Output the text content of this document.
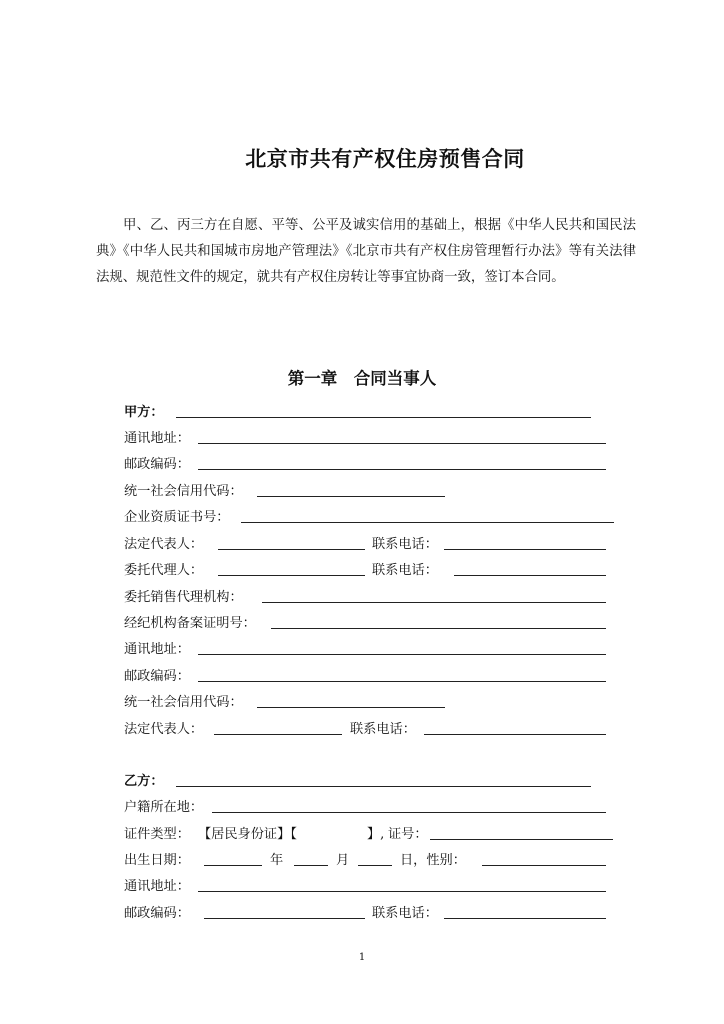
北京市共有产权住房预售合同

甲、乙、丙三方在自愿、平等、公平及诚实信用的基础上，根据《中华人民共和国民法典》《中华人民共和国城市房地产管理法》《北京市共有产权住房管理暂行办法》等有关法律法规、规范性文件的规定，就共有产权住房转让等事宜协商一致，签订本合同。

第一章　合同当事人
甲方：
通讯地址：
邮政编码：
统一社会信用代码：
企业资质证书号：
法定代表人：	联系电话：
委托代理人：	联系电话：
委托销售代理机构：
经纪机构备案证明号：
通讯地址：
邮政编码：
统一社会信用代码：
法定代表人：	联系电话：
乙方：
户籍所在地：
证件类型： 【居民身份证】【	】, 证号：
出生日期：	年	月	日，性别：
通讯地址：
邮政编码：	联系电话：
1
